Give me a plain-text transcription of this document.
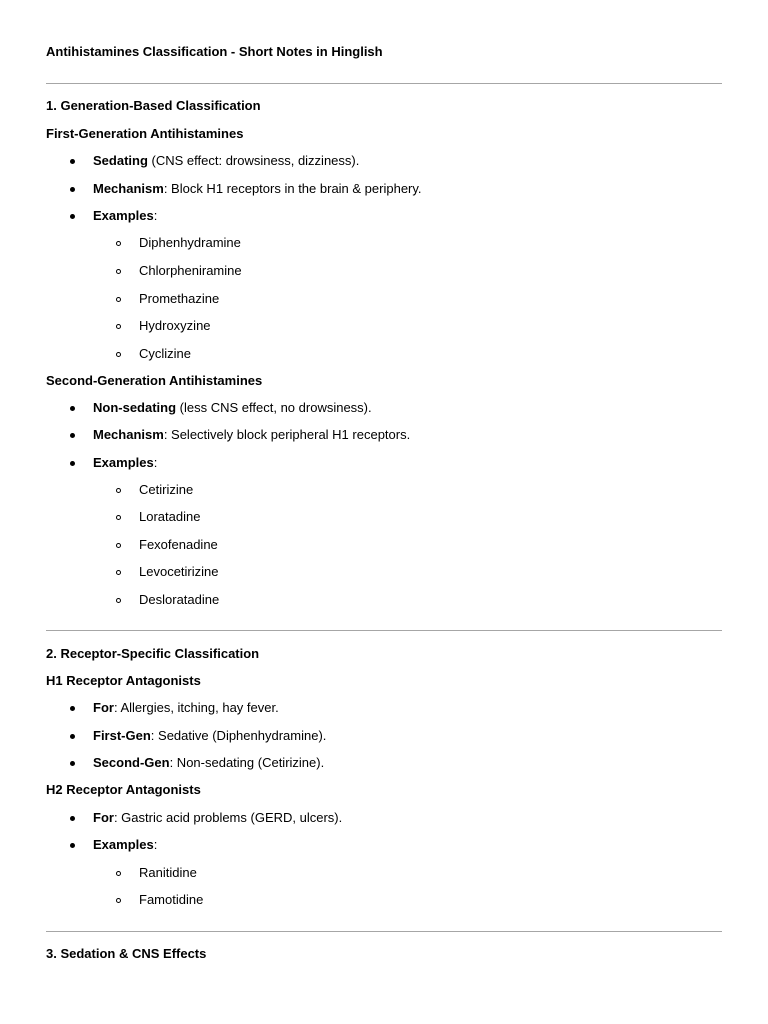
Antihistamines Classification - Short Notes in Hinglish
1. Generation-Based Classification
First-Generation Antihistamines
Sedating (CNS effect: drowsiness, dizziness).
Mechanism: Block H1 receptors in the brain & periphery.
Examples:
Diphenhydramine
Chlorpheniramine
Promethazine
Hydroxyzine
Cyclizine
Second-Generation Antihistamines
Non-sedating (less CNS effect, no drowsiness).
Mechanism: Selectively block peripheral H1 receptors.
Examples:
Cetirizine
Loratadine
Fexofenadine
Levocetirizine
Desloratadine
2. Receptor-Specific Classification
H1 Receptor Antagonists
For: Allergies, itching, hay fever.
First-Gen: Sedative (Diphenhydramine).
Second-Gen: Non-sedating (Cetirizine).
H2 Receptor Antagonists
For: Gastric acid problems (GERD, ulcers).
Examples:
Ranitidine
Famotidine
3. Sedation & CNS Effects
